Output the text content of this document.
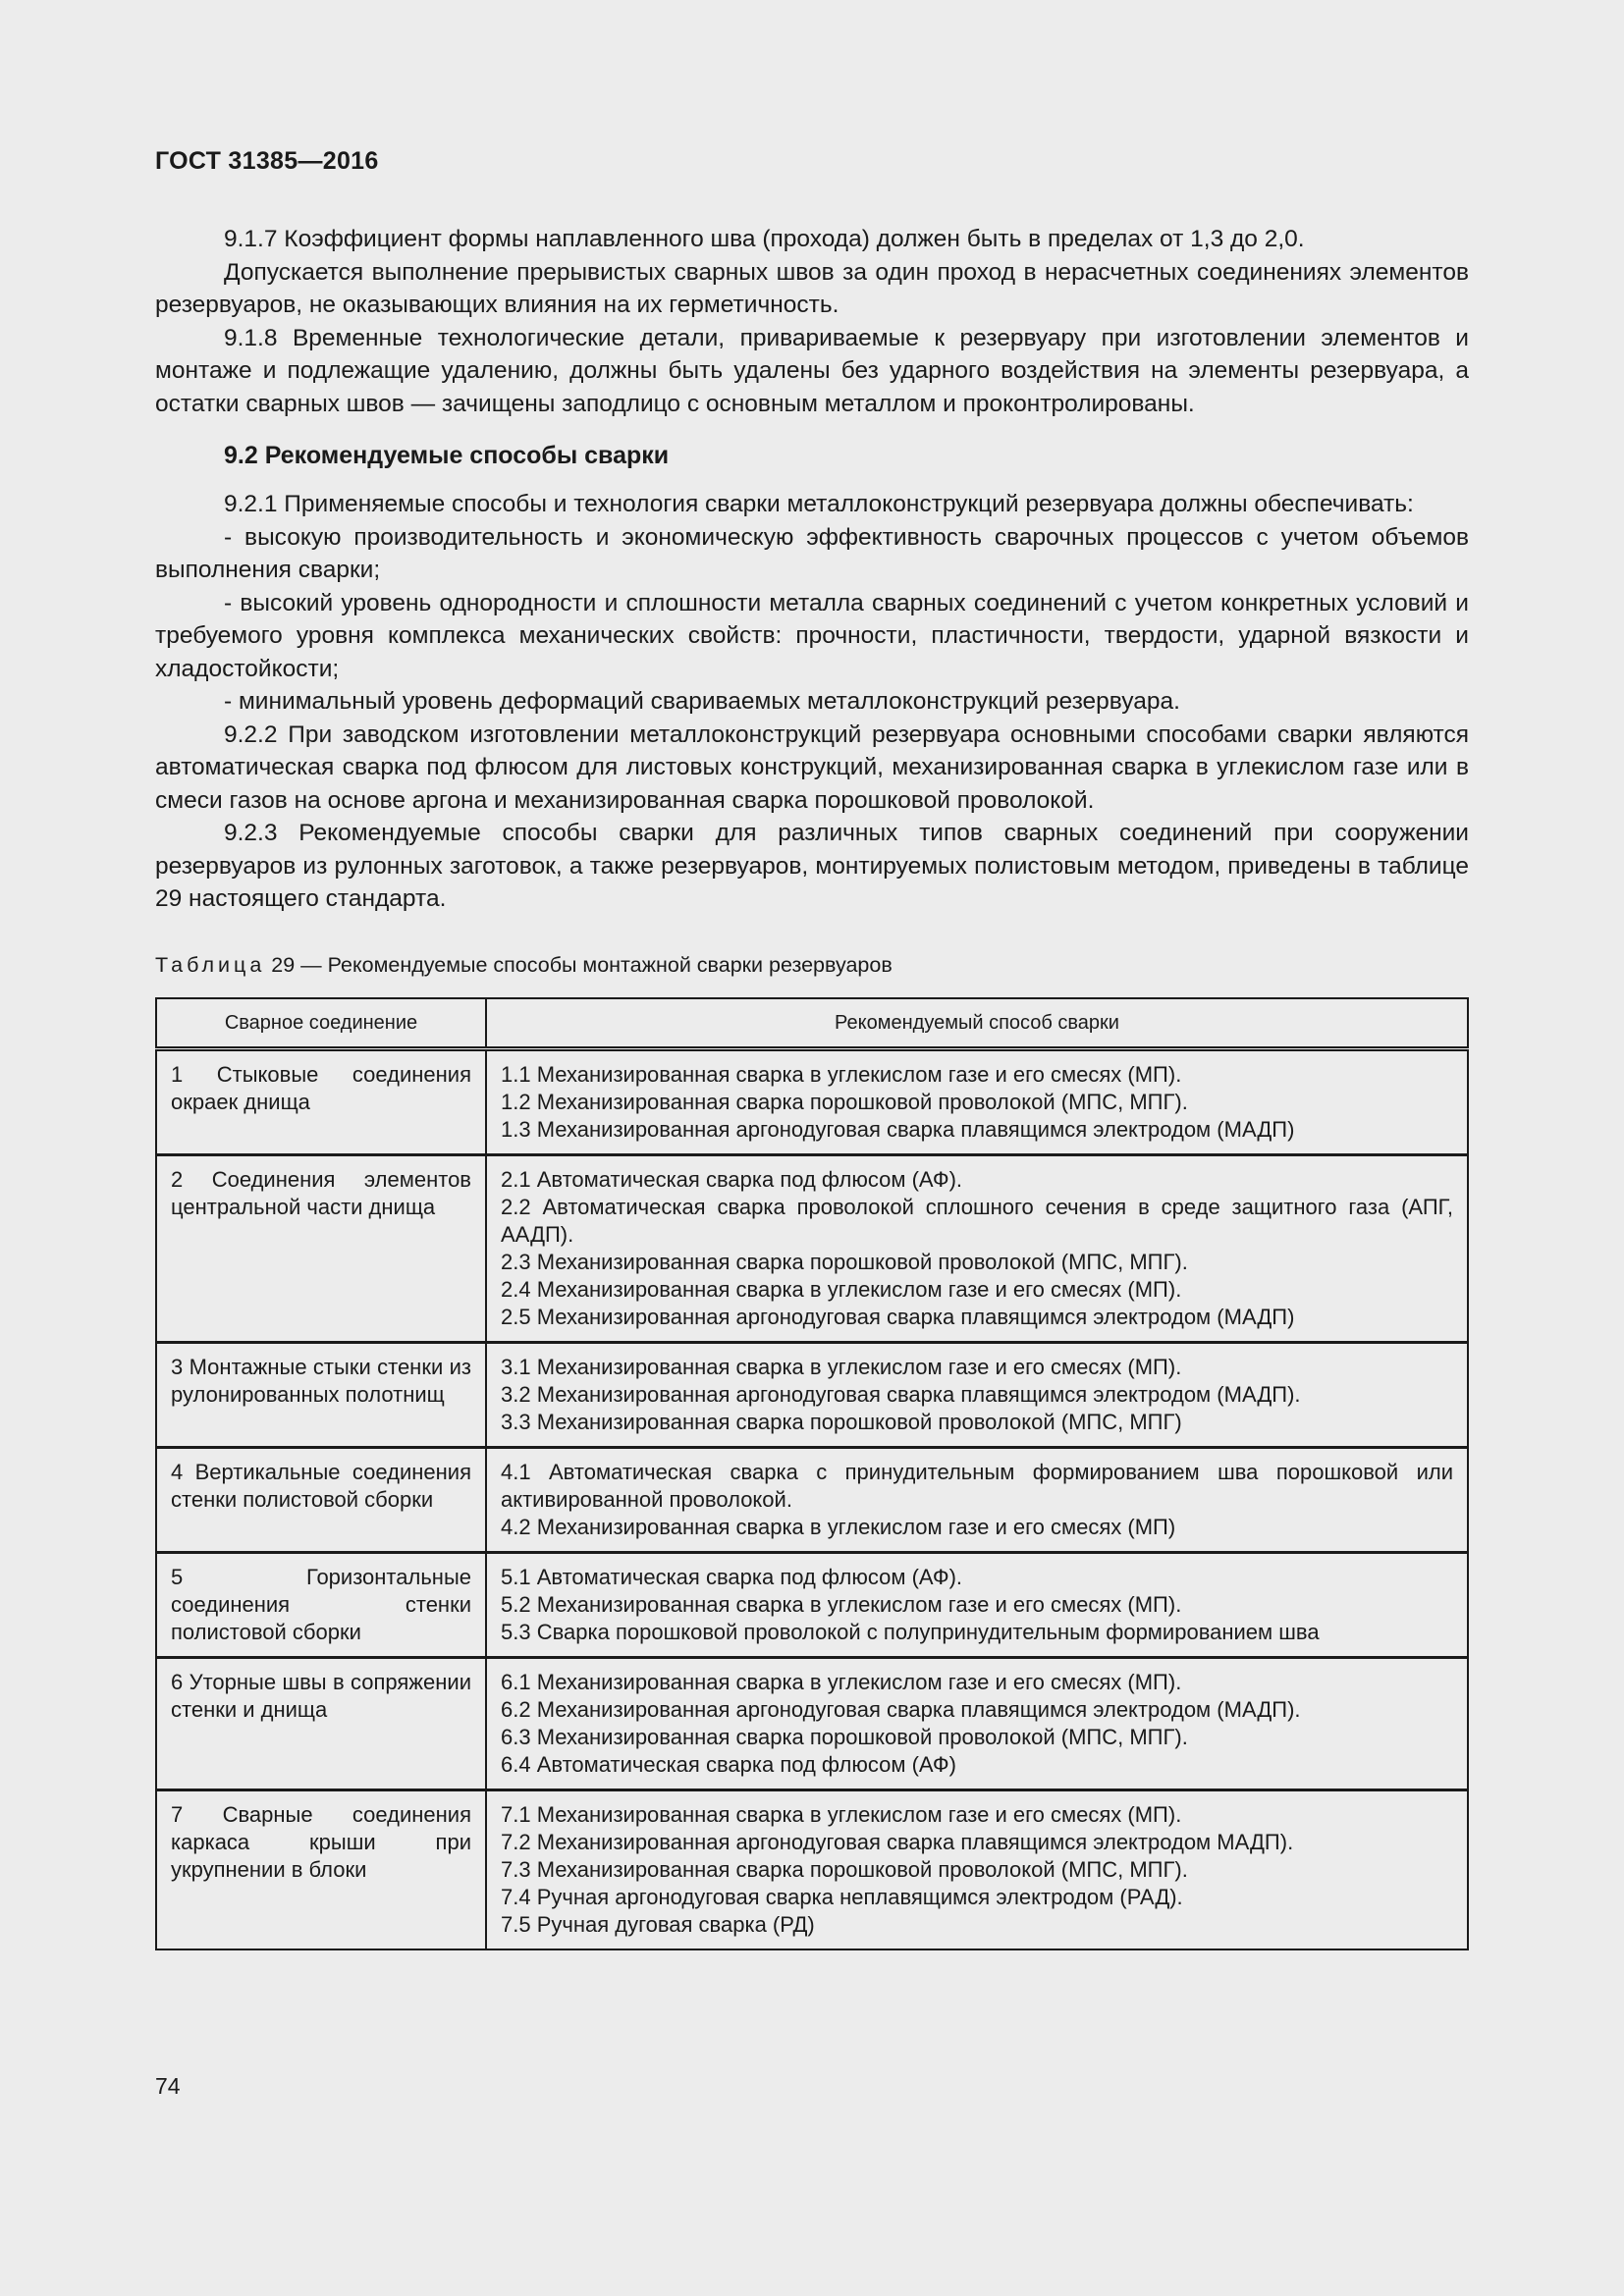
ГОСТ 31385—2016

9.1.7 Коэффициент формы наплавленного шва (прохода) должен быть в пределах от 1,3 до 2,0.

Допускается выполнение прерывистых сварных швов за один проход в нерасчетных соединениях элементов резервуаров, не оказывающих влияния на их герметичность.

9.1.8 Временные технологические детали, привариваемые к резервуару при изготовлении элементов и монтаже и подлежащие удалению, должны быть удалены без ударного воздействия на элементы резервуара, а остатки сварных швов — зачищены заподлицо с основным металлом и проконтролированы.

9.2 Рекомендуемые способы сварки

9.2.1 Применяемые способы и технология сварки металлоконструкций резервуара должны обеспечивать:

- высокую производительность и экономическую эффективность сварочных процессов с учетом объемов выполнения сварки;

- высокий уровень однородности и сплошности металла сварных соединений с учетом конкретных условий и требуемого уровня комплекса механических свойств: прочности, пластичности, твердости, ударной вязкости и хладостойкости;

- минимальный уровень деформаций свариваемых металлоконструкций резервуара.

9.2.2 При заводском изготовлении металлоконструкций резервуара основными способами сварки являются автоматическая сварка под флюсом для листовых конструкций, механизированная сварка в углекислом газе или в смеси газов на основе аргона и механизированная сварка порошковой проволокой.

9.2.3 Рекомендуемые способы сварки для различных типов сварных соединений при сооружении резервуаров из рулонных заготовок, а также резервуаров, монтируемых полистовым методом, приведены в таблице 29 настоящего стандарта.

Таблица 29 — Рекомендуемые способы монтажной сварки резервуаров
Сварное соединение	Рекомендуемый способ сварки
1 Стыковые соединения окраек днища	1.1 Механизированная сварка в углекислом газе и его смесях (МП).
1.2 Механизированная сварка порошковой проволокой (МПС, МПГ).
1.3 Механизированная аргонодуговая сварка плавящимся электродом (МАДП)

2 Соединения элементов центральной части днища	2.1 Автоматическая сварка под флюсом (АФ).
2.2 Автоматическая сварка проволокой сплошного сечения в среде защитного газа (АПГ, ААДП).
2.3 Механизированная сварка порошковой проволокой (МПС, МПГ).
2.4 Механизированная сварка в углекислом газе и его смесях (МП).
2.5 Механизированная аргонодуговая сварка плавящимся электродом (МАДП)

3 Монтажные стыки стенки из рулонированных полотнищ	3.1 Механизированная сварка в углекислом газе и его смесях (МП).
3.2 Механизированная аргонодуговая сварка плавящимся электродом (МАДП).
3.3 Механизированная сварка порошковой проволокой (МПС, МПГ)

4 Вертикальные соединения стенки полистовой сборки	4.1 Автоматическая сварка с принудительным формированием шва порошковой или активированной проволокой.
4.2 Механизированная сварка в углекислом газе и его смесях (МП)

5 Горизонтальные соединения стенки полистовой сборки	5.1 Автоматическая сварка под флюсом (АФ).
5.2 Механизированная сварка в углекислом газе и его смесях (МП).
5.3 Сварка порошковой проволокой с полупринудительным формированием шва

6 Уторные швы в сопряжении стенки и днища	6.1 Механизированная сварка в углекислом газе и его смесях (МП).
6.2 Механизированная аргонодуговая сварка плавящимся электродом (МАДП).
6.3 Механизированная сварка порошковой проволокой (МПС, МПГ).
6.4 Автоматическая сварка под флюсом (АФ)

7 Сварные соединения каркаса крыши при укрупнении в блоки	7.1 Механизированная сварка в углекислом газе и его смесях (МП).
7.2 Механизированная аргонодуговая сварка плавящимся электродом МАДП).
7.3 Механизированная сварка порошковой проволокой (МПС, МПГ).
7.4 Ручная аргонодуговая сварка неплавящимся электродом (РАД).
7.5 Ручная дуговая сварка (РД)
74
